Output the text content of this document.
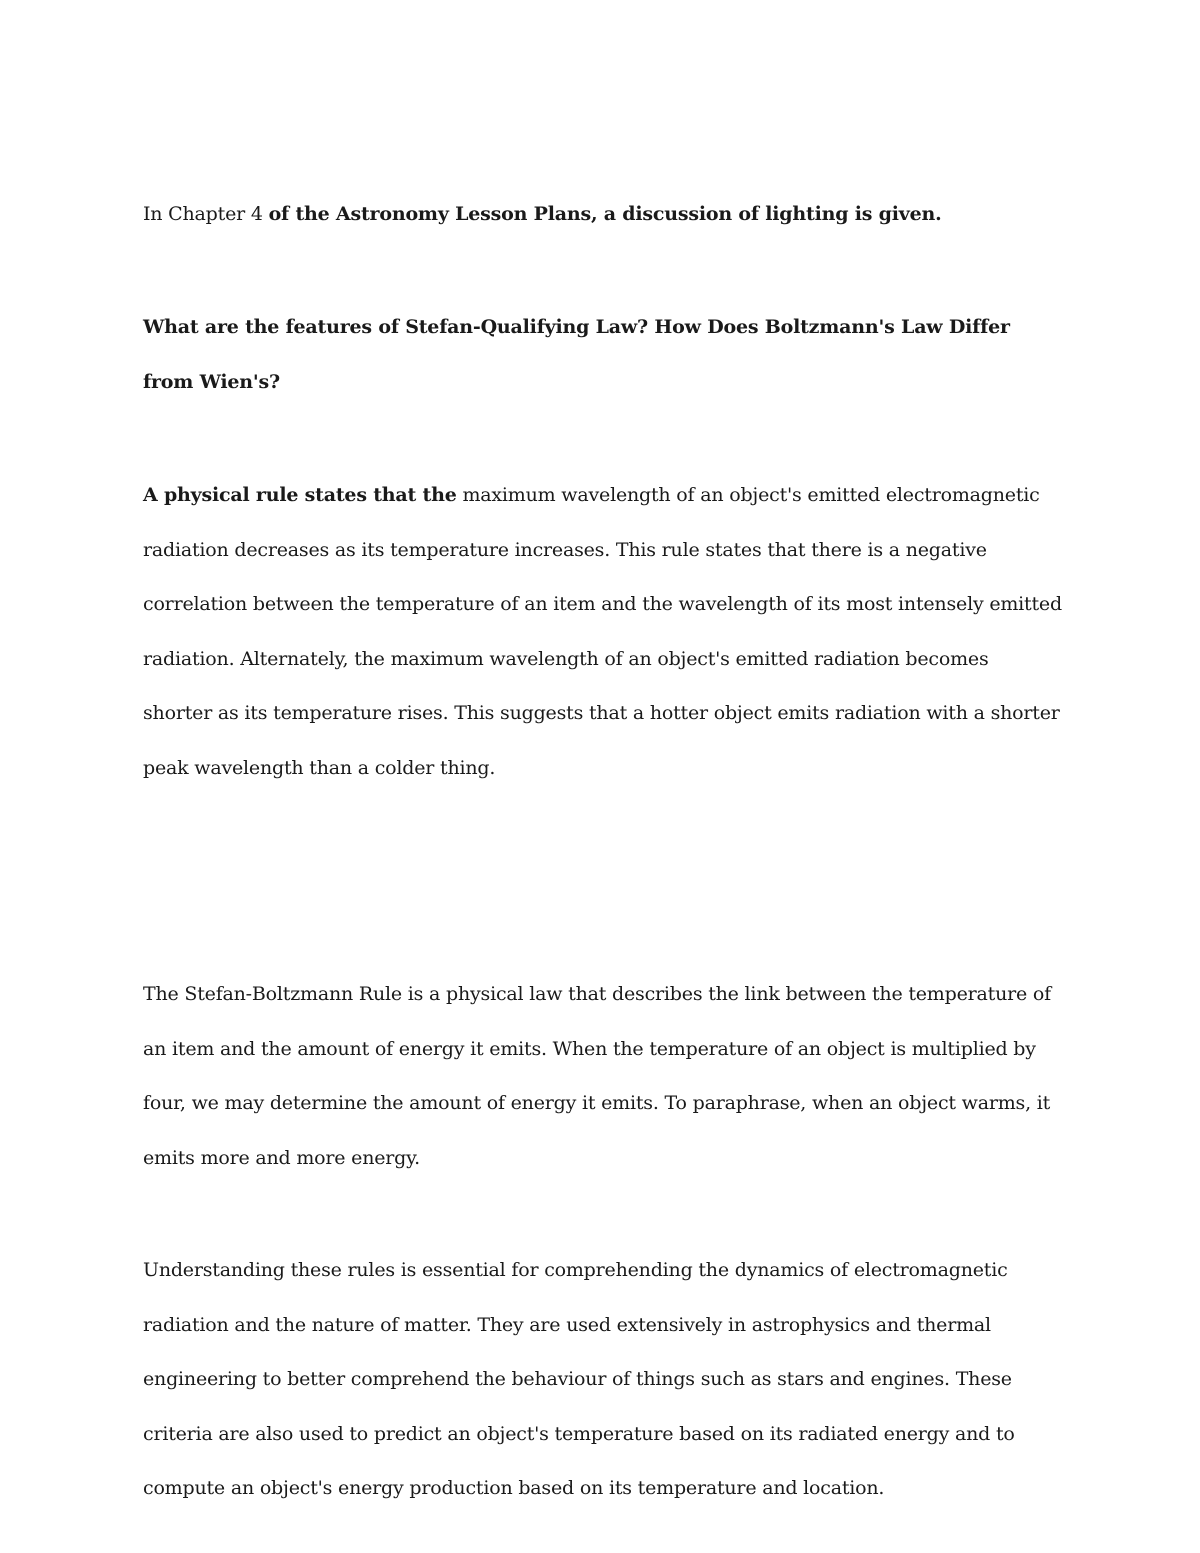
In Chapter 4 of the Astronomy Lesson Plans, a discussion of lighting is given.

What are the features of Stefan-Qualifying Law? How Does Boltzmann's Law Differ from Wien's?

A physical rule states that the maximum wavelength of an object's emitted electromagnetic radiation decreases as its temperature increases. This rule states that there is a negative correlation between the temperature of an item and the wavelength of its most intensely emitted radiation. Alternately, the maximum wavelength of an object's emitted radiation becomes shorter as its temperature rises. This suggests that a hotter object emits radiation with a shorter peak wavelength than a colder thing.

The Stefan-Boltzmann Rule is a physical law that describes the link between the temperature of an item and the amount of energy it emits. When the temperature of an object is multiplied by four, we may determine the amount of energy it emits. To paraphrase, when an object warms, it emits more and more energy.

Understanding these rules is essential for comprehending the dynamics of electromagnetic radiation and the nature of matter. They are used extensively in astrophysics and thermal engineering to better comprehend the behaviour of things such as stars and engines. These criteria are also used to predict an object's temperature based on its radiated energy and to compute an object's energy production based on its temperature and location.
